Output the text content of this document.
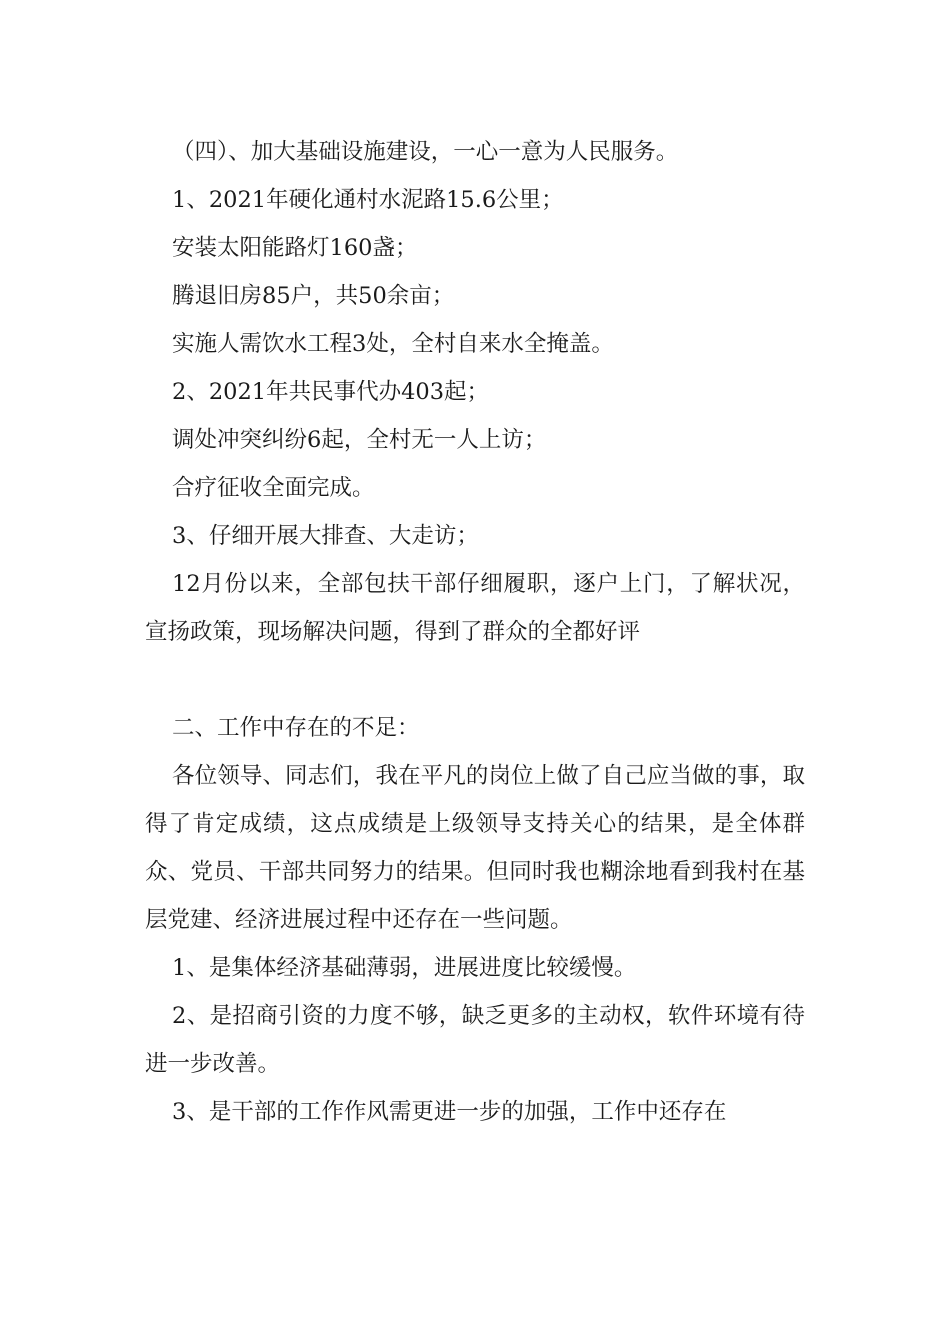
（四）、加大基础设施建设，一心一意为人民服务。

1、2021年硬化通村水泥路15.6公里；

安装太阳能路灯160盏；

腾退旧房85户，共50余亩；

实施人需饮水工程3处，全村自来水全掩盖。

2、2021年共民事代办403起；

调处冲突纠纷6起，全村无一人上访；

合疗征收全面完成。

3、仔细开展大排查、大走访；

12月份以来，全部包扶干部仔细履职，逐户上门，了解状况，宣扬政策，现场解决问题，得到了群众的全都好评

二、工作中存在的不足：

各位领导、同志们，我在平凡的岗位上做了自己应当做的事，取得了肯定成绩，这点成绩是上级领导支持关心的结果，是全体群众、党员、干部共同努力的结果。但同时我也糊涂地看到我村在基层党建、经济进展过程中还存在一些问题。

1、是集体经济基础薄弱，进展进度比较缓慢。

2、是招商引资的力度不够，缺乏更多的主动权，软件环境有待进一步改善。

3、是干部的工作作风需更进一步的加强，工作中还存在
